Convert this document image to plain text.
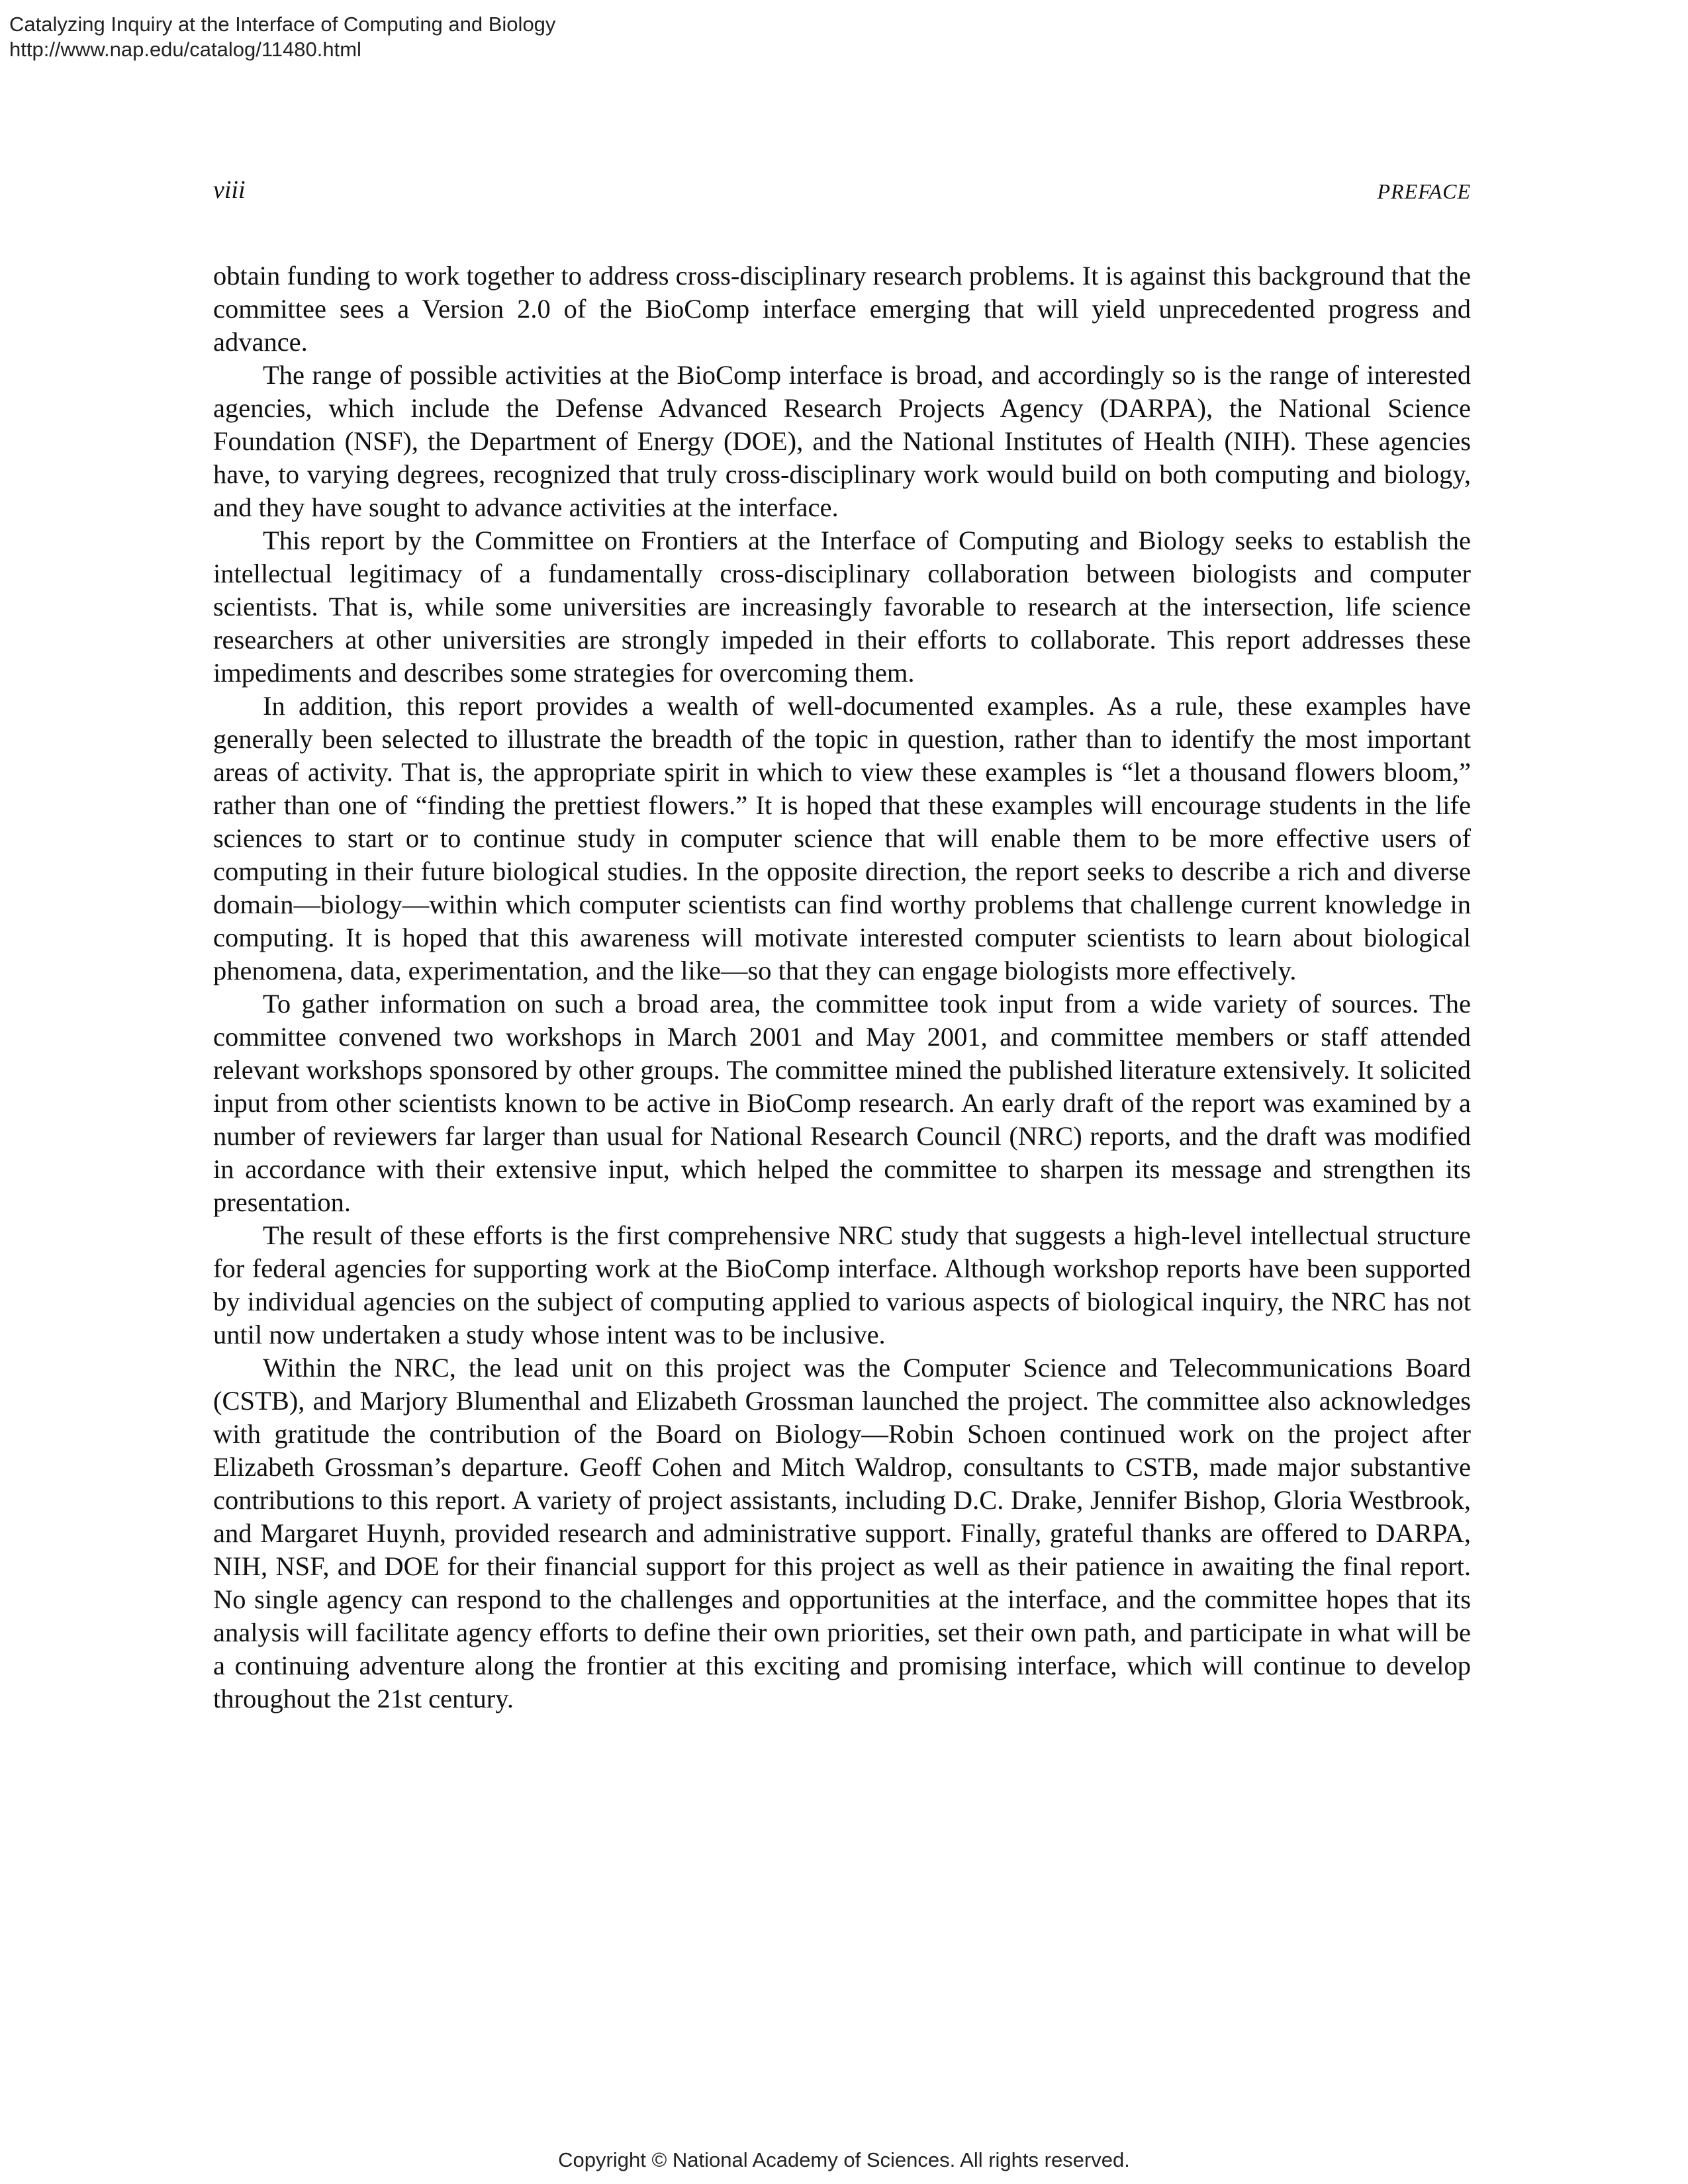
Catalyzing Inquiry at the Interface of Computing and Biology
http://www.nap.edu/catalog/11480.html
viii	PREFACE

obtain funding to work together to address cross-disciplinary research problems. It is against this background that the committee sees a Version 2.0 of the BioComp interface emerging that will yield unprecedented progress and advance.

The range of possible activities at the BioComp interface is broad, and accordingly so is the range of interested agencies, which include the Defense Advanced Research Projects Agency (DARPA), the National Science Foundation (NSF), the Department of Energy (DOE), and the National Institutes of Health (NIH). These agencies have, to varying degrees, recognized that truly cross-disciplinary work would build on both computing and biology, and they have sought to advance activities at the interface.

This report by the Committee on Frontiers at the Interface of Computing and Biology seeks to establish the intellectual legitimacy of a fundamentally cross-disciplinary collaboration between biologists and computer scientists. That is, while some universities are increasingly favorable to research at the intersection, life science researchers at other universities are strongly impeded in their efforts to collaborate. This report addresses these impediments and describes some strategies for overcoming them.

In addition, this report provides a wealth of well-documented examples. As a rule, these examples have generally been selected to illustrate the breadth of the topic in question, rather than to identify the most important areas of activity. That is, the appropriate spirit in which to view these examples is “let a thousand flowers bloom,” rather than one of “finding the prettiest flowers.” It is hoped that these examples will encourage students in the life sciences to start or to continue study in computer science that will enable them to be more effective users of computing in their future biological studies. In the opposite direction, the report seeks to describe a rich and diverse domain—biology—within which computer scientists can find worthy problems that challenge current knowledge in computing. It is hoped that this awareness will motivate interested computer scientists to learn about biological phenomena, data, experimentation, and the like—so that they can engage biologists more effectively.

To gather information on such a broad area, the committee took input from a wide variety of sources. The committee convened two workshops in March 2001 and May 2001, and committee members or staff attended relevant workshops sponsored by other groups. The committee mined the published literature extensively. It solicited input from other scientists known to be active in BioComp research. An early draft of the report was examined by a number of reviewers far larger than usual for National Research Council (NRC) reports, and the draft was modified in accordance with their extensive input, which helped the committee to sharpen its message and strengthen its presentation.

The result of these efforts is the first comprehensive NRC study that suggests a high-level intellectual structure for federal agencies for supporting work at the BioComp interface. Although workshop reports have been supported by individual agencies on the subject of computing applied to various aspects of biological inquiry, the NRC has not until now undertaken a study whose intent was to be inclusive.

Within the NRC, the lead unit on this project was the Computer Science and Telecommunications Board (CSTB), and Marjory Blumenthal and Elizabeth Grossman launched the project. The committee also acknowledges with gratitude the contribution of the Board on Biology—Robin Schoen continued work on the project after Elizabeth Grossman’s departure. Geoff Cohen and Mitch Waldrop, consultants to CSTB, made major substantive contributions to this report. A variety of project assistants, including D.C. Drake, Jennifer Bishop, Gloria Westbrook, and Margaret Huynh, provided research and administrative support. Finally, grateful thanks are offered to DARPA, NIH, NSF, and DOE for their financial support for this project as well as their patience in awaiting the final report. No single agency can respond to the challenges and opportunities at the interface, and the committee hopes that its analysis will facilitate agency efforts to define their own priorities, set their own path, and participate in what will be a continuing adventure along the frontier at this exciting and promising interface, which will continue to develop throughout the 21st century.

Copyright © National Academy of Sciences. All rights reserved.
